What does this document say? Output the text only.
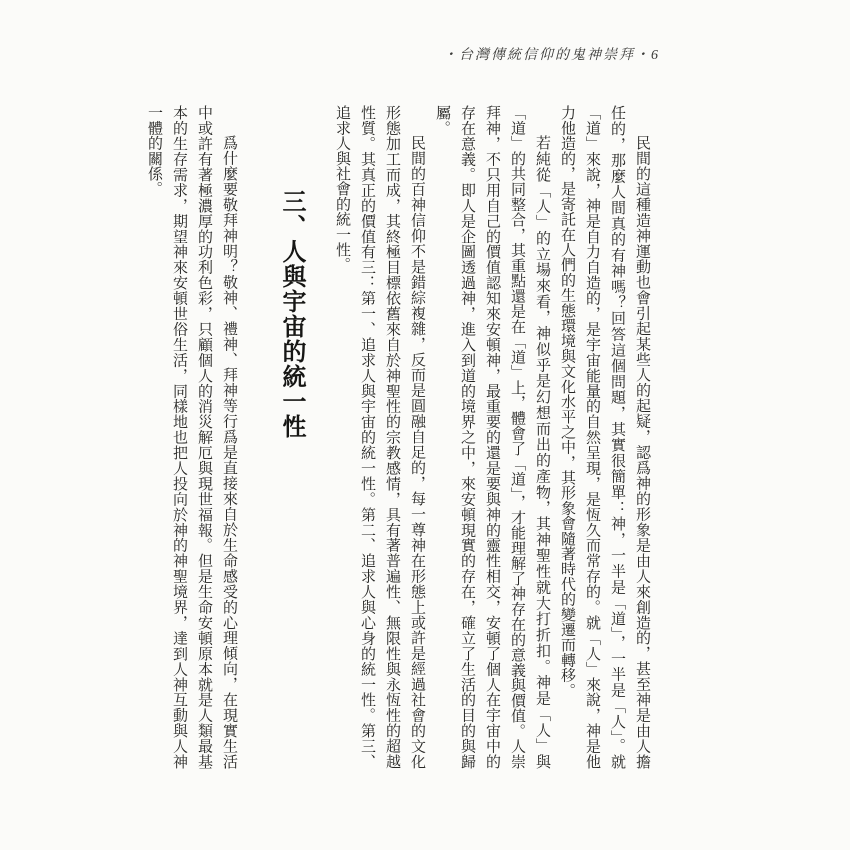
・台灣傳統信仰的鬼神崇拜・6

民間的這種造神運動也會引起某些人的起疑，認爲神的形象是由人來創造的，甚至神是由人擔任的，那麼人間真的有神嗎？回答這個問題，其實很簡單：神，一半是「道」，一半是「人」。就「道」來說，神是自力自造的，是宇宙能量的自然呈現，是恆久而常存的。就「人」來說，神是他力他造的，是寄託在人們的生態環境與文化水平之中，其形象會隨著時代的變遷而轉移。

若純從「人」的立場來看，神似乎是幻想而出的產物，其神聖性就大打折扣。神是「人」與「道」的共同整合，其重點還是在「道」上，體會了「道」，才能理解了神存在的意義與價值。人崇拜神，不只用自己的價值認知來安頓神，最重要的還是要與神的靈性相交，安頓了個人在宇宙中的存在意義。即人是企圖透過神，進入到道的境界之中，來安頓現實的存在，確立了生活的目的與歸屬。

民間的百神信仰不是錯綜複雜，反而是圓融自足的，每一尊神在形態上或許是經過社會的文化形態加工而成，其終極目標依舊來自於神聖性的宗教感情，具有著普遍性、無限性與永恆性的超越性質。其真正的價值有三：第一、追求人與宇宙的統一性。第二、追求人與心身的統一性。第三、追求人與社會的統一性。

三、人與宇宙的統一性

爲什麼要敬拜神明？敬神、禮神、拜神等行爲是直接來自於生命感受的心理傾向，在現實生活中或許有著極濃厚的功利色彩，只顧個人的消災解厄與現世福報。但是生命安頓原本就是人類最基本的生存需求，期望神來安頓世俗生活，同樣地也把人投向於神的神聖境界，達到人神互動與人神一體的關係。
